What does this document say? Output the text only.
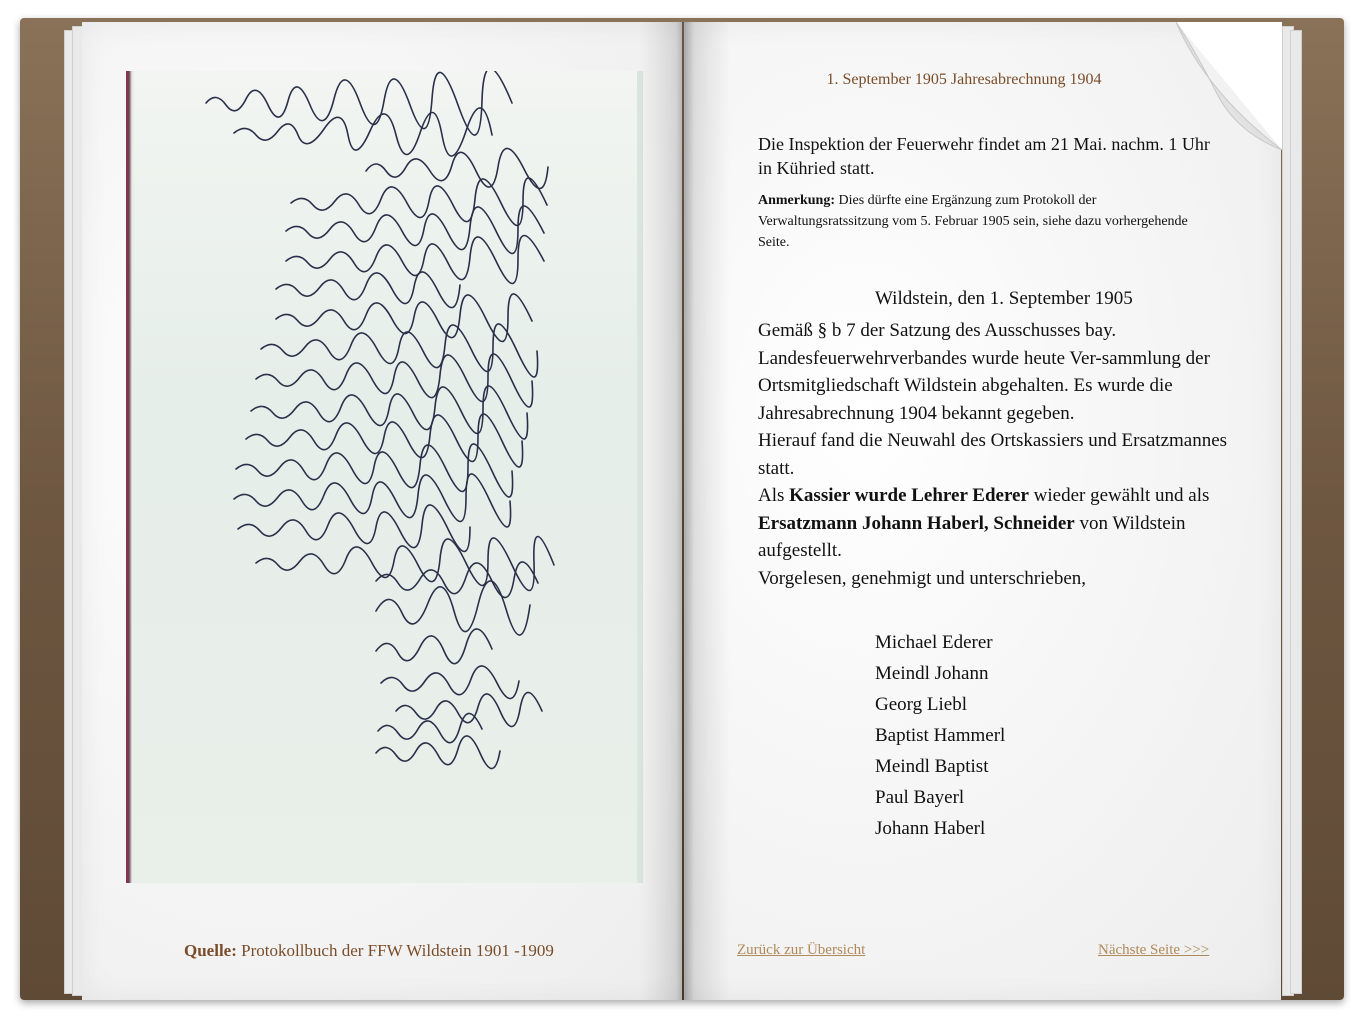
Quelle: Protokollbuch der FFW Wildstein 1901 -1909
1. September 1905 Jahresabrechnung 1904
Die Inspektion der Feuerwehr findet am 21 Mai. nachm. 1 Uhr in Kühried statt.
Anmerkung: Dies dürfte eine Ergänzung zum Protokoll der Verwaltungsratssitzung vom 5. Februar 1905 sein, siehe dazu vorhergehende Seite.
Wildstein, den 1. September 1905

Gemäß § b 7 der Satzung des Ausschusses bay. Landesfeuerwehrverbandes wurde heute Ver-sammlung der Ortsmitgliedschaft Wildstein abgehalten. Es wurde die Jahresabrechnung 1904 bekannt gegeben.

Hierauf fand die Neuwahl des Ortskassiers und Ersatzmannes statt.

Als Kassier wurde Lehrer Ederer wieder gewählt und als Ersatzmann Johann Haberl, Schneider von Wildstein aufgestellt.

Vorgelesen, genehmigt und unterschrieben,

Michael Ederer
Meindl Johann
Georg Liebl
Baptist Hammerl
Meindl Baptist
Paul Bayerl
Johann Haberl
Zurück zur Übersicht	Nächste Seite >>>
